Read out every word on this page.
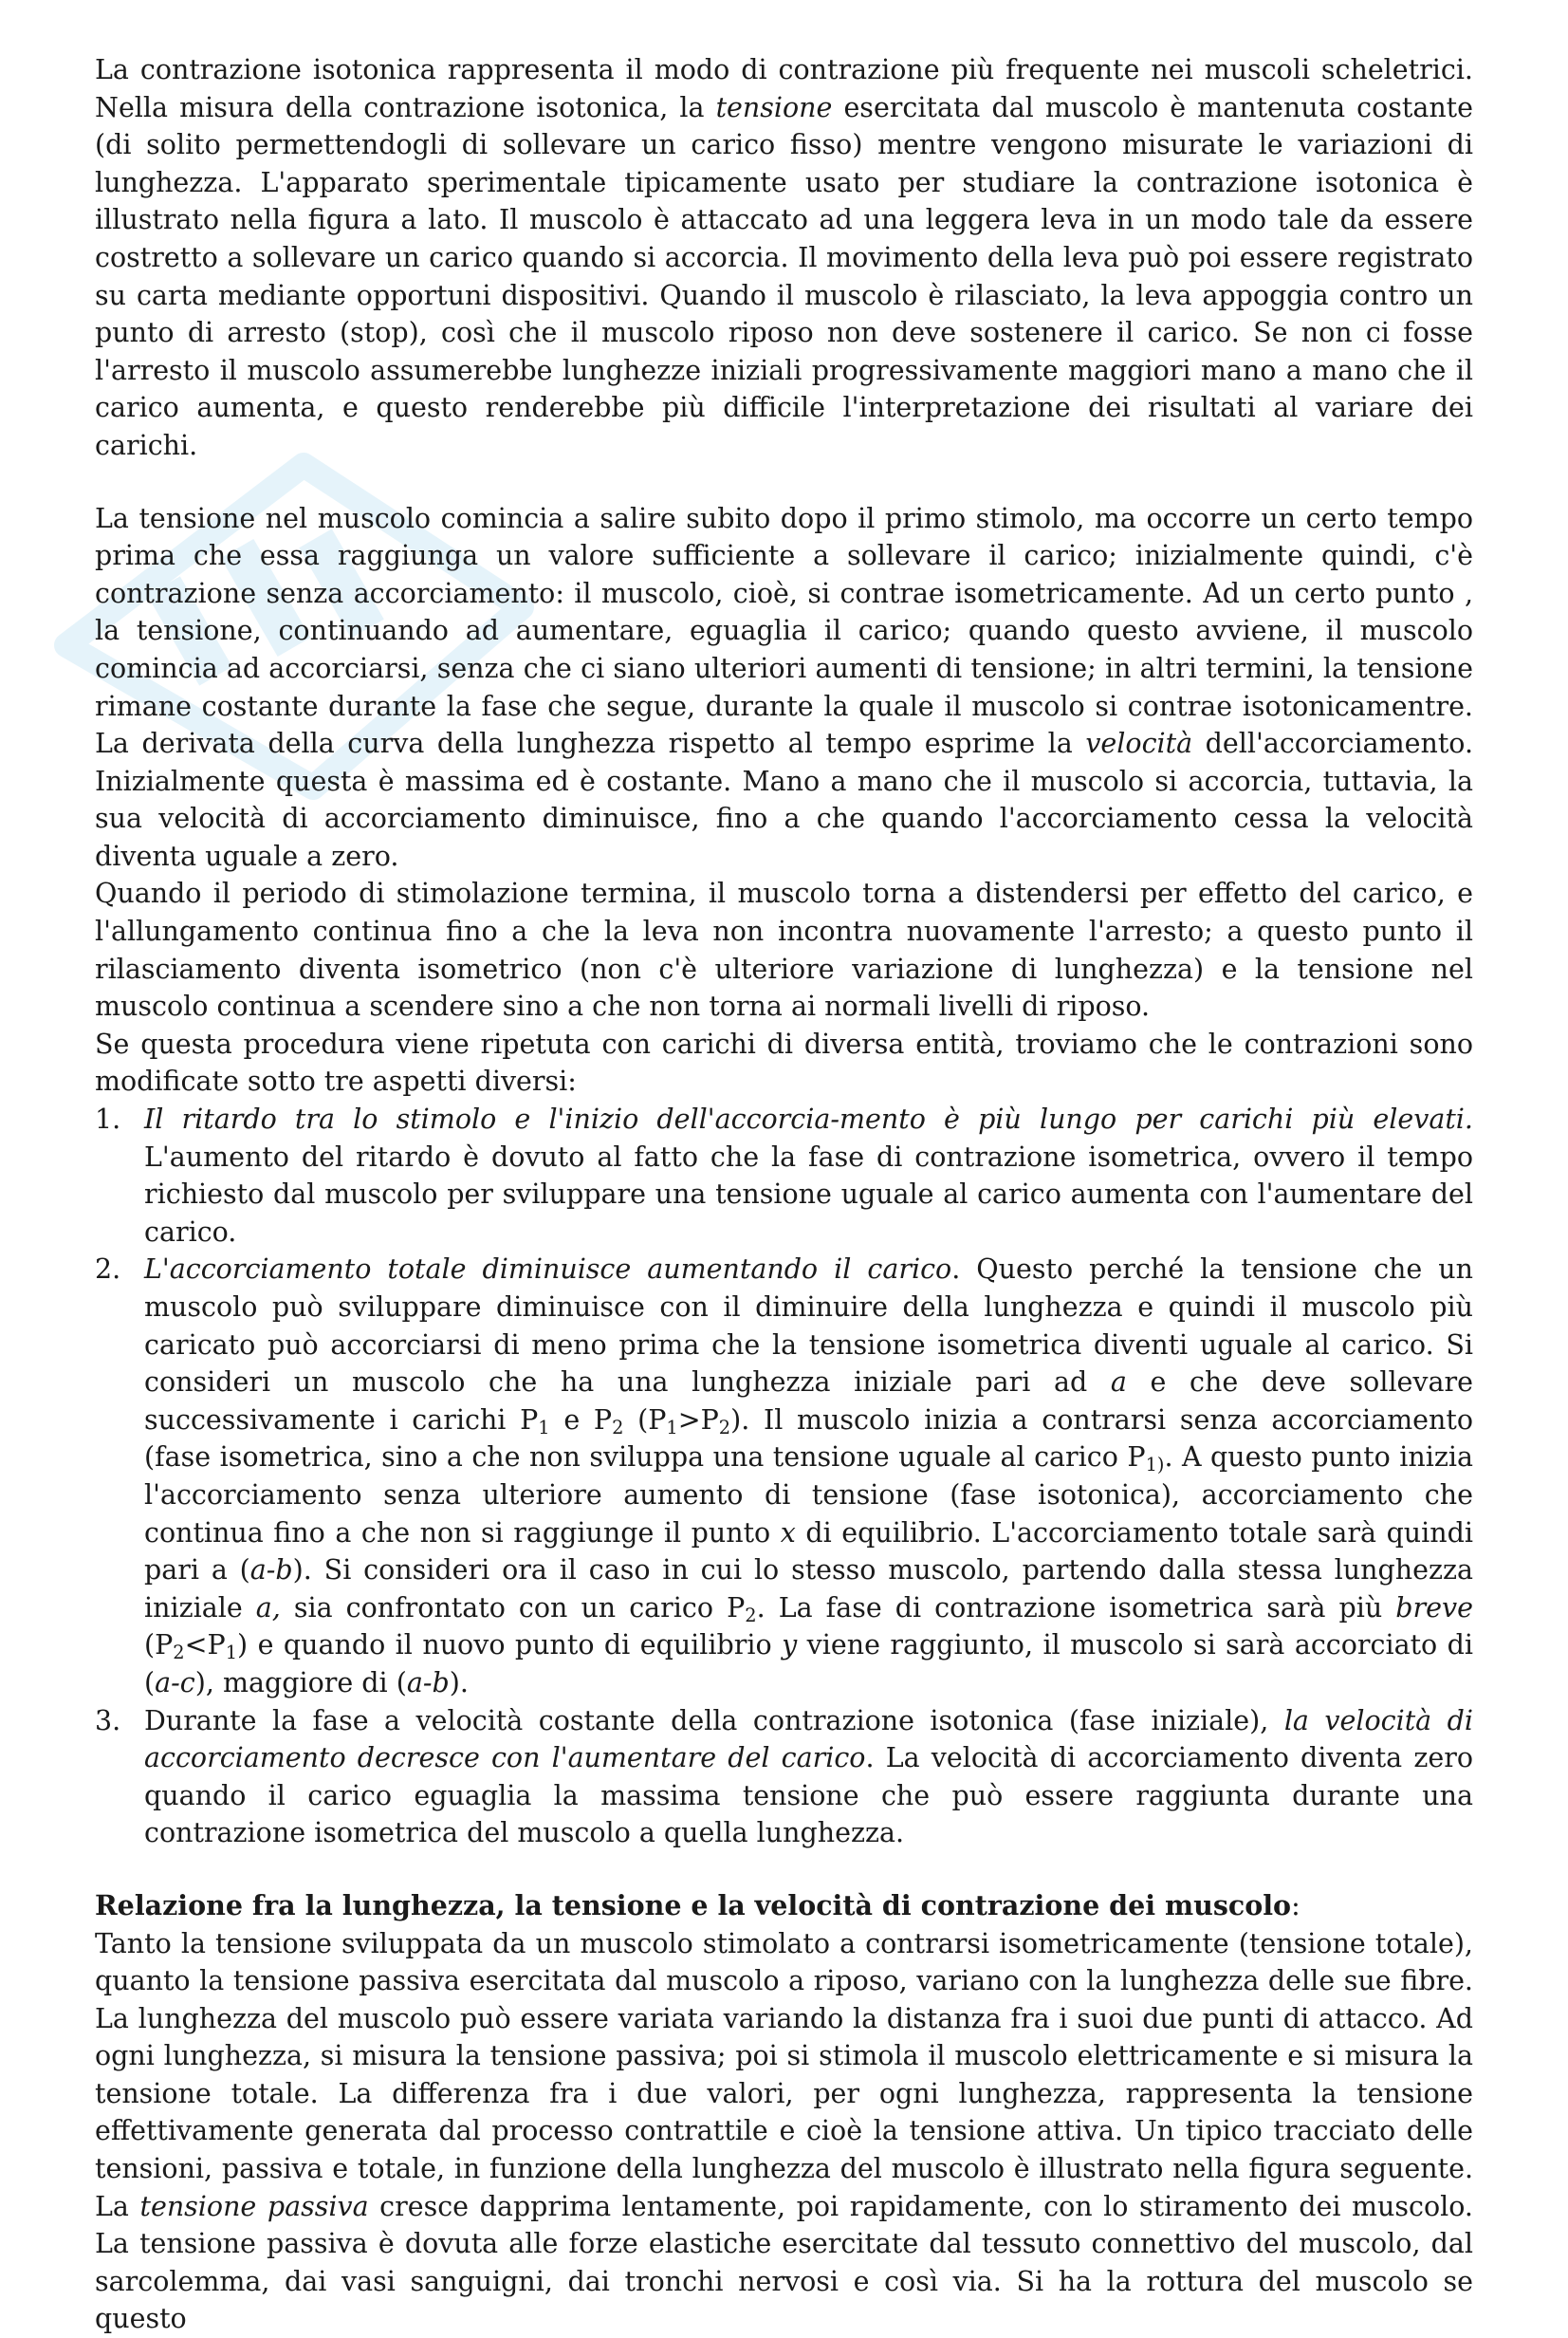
La contrazione isotonica rappresenta il modo di contrazione più frequente nei muscoli scheletrici. Nella misura della contrazione isotonica, la tensione esercitata dal muscolo è mantenuta costante (di solito permettendogli di sollevare un carico fisso) mentre vengono misurate le variazioni di lunghezza. L'apparato sperimentale tipicamente usato per studiare la contrazione isotonica è illustrato nella figura a lato. Il muscolo è attaccato ad una leggera leva in un modo tale da essere costretto a sollevare un carico quando si accorcia. Il movimento della leva può poi essere registrato su carta mediante opportuni dispositivi. Quando il muscolo è rilasciato, la leva appoggia contro un punto di arresto (stop), così che il muscolo riposo non deve sostenere il carico. Se non ci fosse l'arresto il muscolo assumerebbe lunghezze iniziali progressivamente maggiori mano a mano che il carico aumenta, e questo renderebbe più difficile l'interpretazione dei risultati al variare dei carichi.

La tensione nel muscolo comincia a salire subito dopo il primo stimolo, ma occorre un certo tempo prima che essa raggiunga un valore sufficiente a sollevare il carico; inizialmente quindi, c'è contrazione senza accorciamento: il muscolo, cioè, si contrae isometricamente. Ad un certo punto , la tensione, continuando ad aumentare, eguaglia il carico; quando questo avviene, il muscolo comincia ad accorciarsi, senza che ci siano ulteriori aumenti di tensione; in altri termini, la tensione rimane costante durante la fase che segue, durante la quale il muscolo si contrae isotonicamentre. La derivata della curva della lunghezza rispetto al tempo esprime la velocità dell'accorciamento. Inizialmente questa è massima ed è costante. Mano a mano che il muscolo si accorcia, tuttavia, la sua velocità di accorciamento diminuisce, fino a che quando l'accorciamento cessa la velocità diventa uguale a zero.

Quando il periodo di stimolazione termina, il muscolo torna a distendersi per effetto del carico, e l'allungamento continua fino a che la leva non incontra nuovamente l'arresto; a questo punto il rilasciamento diventa isometrico (non c'è ulteriore variazione di lunghezza) e la tensione nel muscolo continua a scendere sino a che non torna ai normali livelli di riposo.

Se questa procedura viene ripetuta con carichi di diversa entità, troviamo che le contrazioni sono modificate sotto tre aspetti diversi:

1. Il ritardo tra lo stimolo e l'inizio dell'accorcia-mento è più lungo per carichi più elevati. L'aumento del ritardo è dovuto al fatto che la fase di contrazione isometrica, ovvero il tempo richiesto dal muscolo per sviluppare una tensione uguale al carico aumenta con l'aumentare del carico.
2. L'accorciamento totale diminuisce aumentando il carico. Questo perché la tensione che un muscolo può sviluppare diminuisce con il diminuire della lunghezza e quindi il muscolo più caricato può accorciarsi di meno prima che la tensione isometrica diventi uguale al carico. Si consideri un muscolo che ha una lunghezza iniziale pari ad a e che deve sollevare successivamente i carichi $P_1$ e $P_2$ $(P_1>P_2)$. Il muscolo inizia a contrarsi senza accorciamento (fase isometrica, sino a che non sviluppa una tensione uguale al carico $P_{1)}$. A questo punto inizia l'accorciamento senza ulteriore aumento di tensione (fase isotonica), accorciamento che continua fino a che non si raggiunge il punto x di equilibrio. L'accorciamento totale sarà quindi pari a (a-b). Si consideri ora il caso in cui lo stesso muscolo, partendo dalla stessa lunghezza iniziale a, sia confrontato con un carico $P_2$. La fase di contrazione isometrica sarà più breve $(P_2<P_1)$ e quando il nuovo punto di equilibrio y viene raggiunto, il muscolo si sarà accorciato di (a-c), maggiore di (a-b).
3. Durante la fase a velocità costante della contrazione isotonica (fase iniziale), la velocità di accorciamento decresce con l'aumentare del carico. La velocità di accorciamento diventa zero quando il carico eguaglia la massima tensione che può essere raggiunta durante una contrazione isometrica del muscolo a quella lunghezza.

Relazione fra la lunghezza, la tensione e la velocità di contrazione dei muscolo:

Tanto la tensione sviluppata da un muscolo stimolato a contrarsi isometricamente (tensione totale), quanto la tensione passiva esercitata dal muscolo a riposo, variano con la lunghezza delle sue fibre. La lunghezza del muscolo può essere variata variando la distanza fra i suoi due punti di attacco. Ad ogni lunghezza, si misura la tensione passiva; poi si stimola il muscolo elettricamente e si misura la tensione totale. La differenza fra i due valori, per ogni lunghezza, rappresenta la tensione effettivamente generata dal processo contrattile e cioè la tensione attiva. Un tipico tracciato delle tensioni, passiva e totale, in funzione della lunghezza del muscolo è illustrato nella figura seguente. La tensione passiva cresce dapprima lentamente, poi rapidamente, con lo stiramento dei muscolo. La tensione passiva è dovuta alle forze elastiche esercitate dal tessuto connettivo del muscolo, dal sarcolemma, dai vasi sanguigni, dai tronchi nervosi e così via. Si ha la rottura del muscolo se questo
